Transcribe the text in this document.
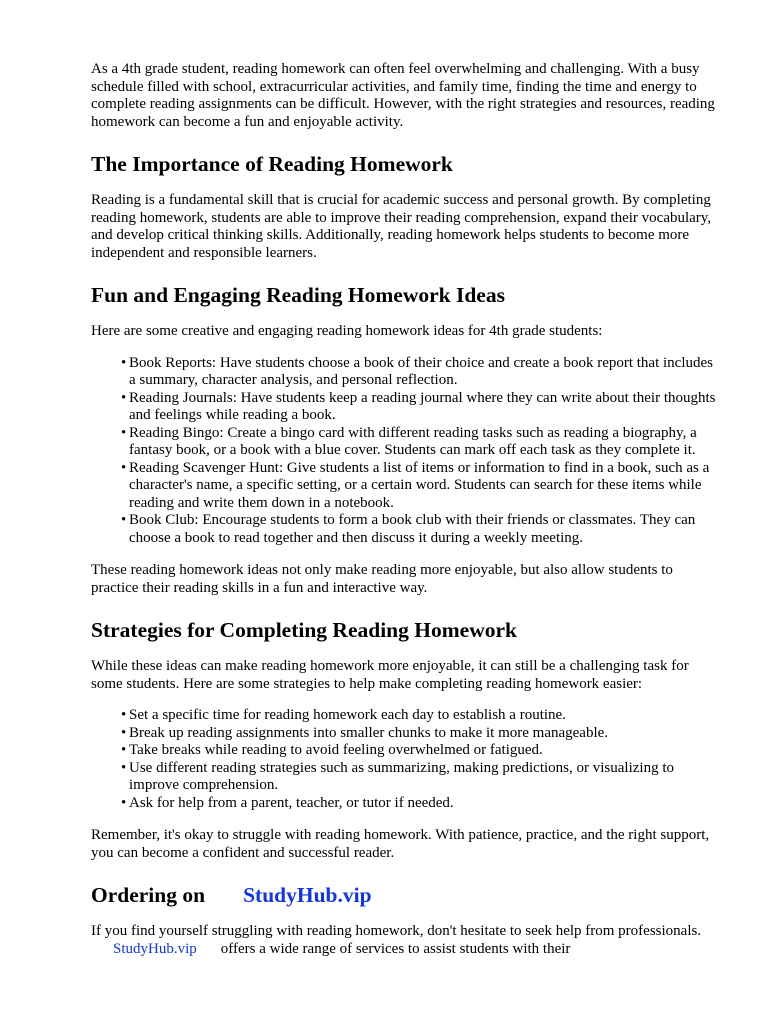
As a 4th grade student, reading homework can often feel overwhelming and challenging. With a busy schedule filled with school, extracurricular activities, and family time, finding the time and energy to complete reading assignments can be difficult. However, with the right strategies and resources, reading homework can become a fun and enjoyable activity.

The Importance of Reading Homework

Reading is a fundamental skill that is crucial for academic success and personal growth. By completing reading homework, students are able to improve their reading comprehension, expand their vocabulary, and develop critical thinking skills. Additionally, reading homework helps students to become more independent and responsible learners.

Fun and Engaging Reading Homework Ideas

Here are some creative and engaging reading homework ideas for 4th grade students:

• Book Reports: Have students choose a book of their choice and create a book report that includes a summary, character analysis, and personal reflection.
• Reading Journals: Have students keep a reading journal where they can write about their thoughts and feelings while reading a book.
• Reading Bingo: Create a bingo card with different reading tasks such as reading a biography, a fantasy book, or a book with a blue cover. Students can mark off each task as they complete it.
• Reading Scavenger Hunt: Give students a list of items or information to find in a book, such as a character's name, a specific setting, or a certain word. Students can search for these items while reading and write them down in a notebook.
• Book Club: Encourage students to form a book club with their friends or classmates. They can choose a book to read together and then discuss it during a weekly meeting.

These reading homework ideas not only make reading more enjoyable, but also allow students to practice their reading skills in a fun and interactive way.

Strategies for Completing Reading Homework

While these ideas can make reading homework more enjoyable, it can still be a challenging task for some students. Here are some strategies to help make completing reading homework easier:

• Set a specific time for reading homework each day to establish a routine.
• Break up reading assignments into smaller chunks to make it more manageable.
• Take breaks while reading to avoid feeling overwhelmed or fatigued.
• Use different reading strategies such as summarizing, making predictions, or visualizing to improve comprehension.
• Ask for help from a parent, teacher, or tutor if needed.

Remember, it's okay to struggle with reading homework. With patience, practice, and the right support, you can become a confident and successful reader.

Ordering on StudyHub.vip

If you find yourself struggling with reading homework, don't hesitate to seek help from professionals.StudyHub.vip offers a wide range of services to assist students with their
